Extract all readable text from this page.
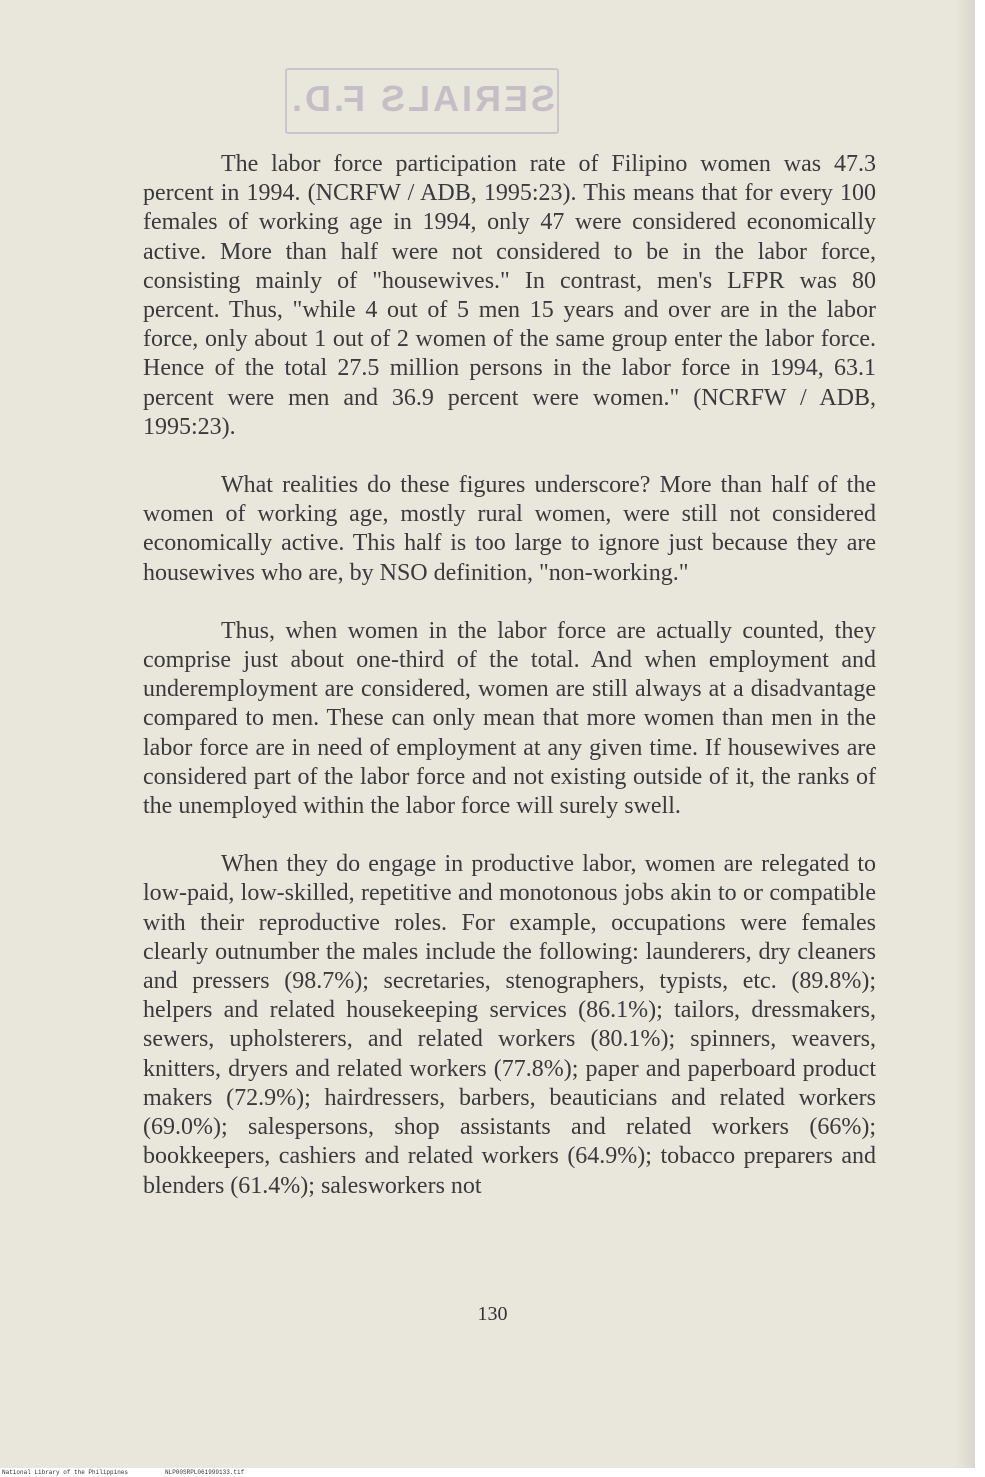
SERIALS F.D.

The labor force participation rate of Filipino women was 47.3 percent in 1994. (NCRFW / ADB, 1995:23). This means that for every 100 females of working age in 1994, only 47 were considered economically active. More than half were not considered to be in the labor force, consisting mainly of "housewives." In contrast, men's LFPR was 80 percent. Thus, "while 4 out of 5 men 15 years and over are in the labor force, only about 1 out of 2 women of the same group enter the labor force. Hence of the total 27.5 million persons in the labor force in 1994, 63.1 percent were men and 36.9 percent were women." (NCRFW / ADB, 1995:23).

What realities do these figures underscore? More than half of the women of working age, mostly rural women, were still not considered economically active. This half is too large to ignore just because they are housewives who are, by NSO definition, "non-working."

Thus, when women in the labor force are actually counted, they comprise just about one-third of the total. And when employment and underemployment are considered, women are still always at a disadvantage compared to men. These can only mean that more women than men in the labor force are in need of employment at any given time. If housewives are considered part of the labor force and not existing outside of it, the ranks of the unemployed within the labor force will surely swell.

When they do engage in productive labor, women are relegated to low-paid, low-skilled, repetitive and monotonous jobs akin to or compatible with their reproductive roles. For example, occupations were females clearly outnumber the males include the following: launderers, dry cleaners and pressers (98.7%); secretaries, stenographers, typists, etc. (89.8%); helpers and related housekeeping services (86.1%); tailors, dressmakers, sewers, upholsterers, and related workers (80.1%); spinners, weavers, knitters, dryers and related workers (77.8%); paper and paperboard product makers (72.9%); hairdressers, barbers, beauticians and related workers (69.0%); salespersons, shop assistants and related workers (66%); bookkeepers, cashiers and related workers (64.9%); tobacco preparers and blenders (61.4%); salesworkers not

130
National Library of the Philippines	NLP00SRPL061999133.tif
